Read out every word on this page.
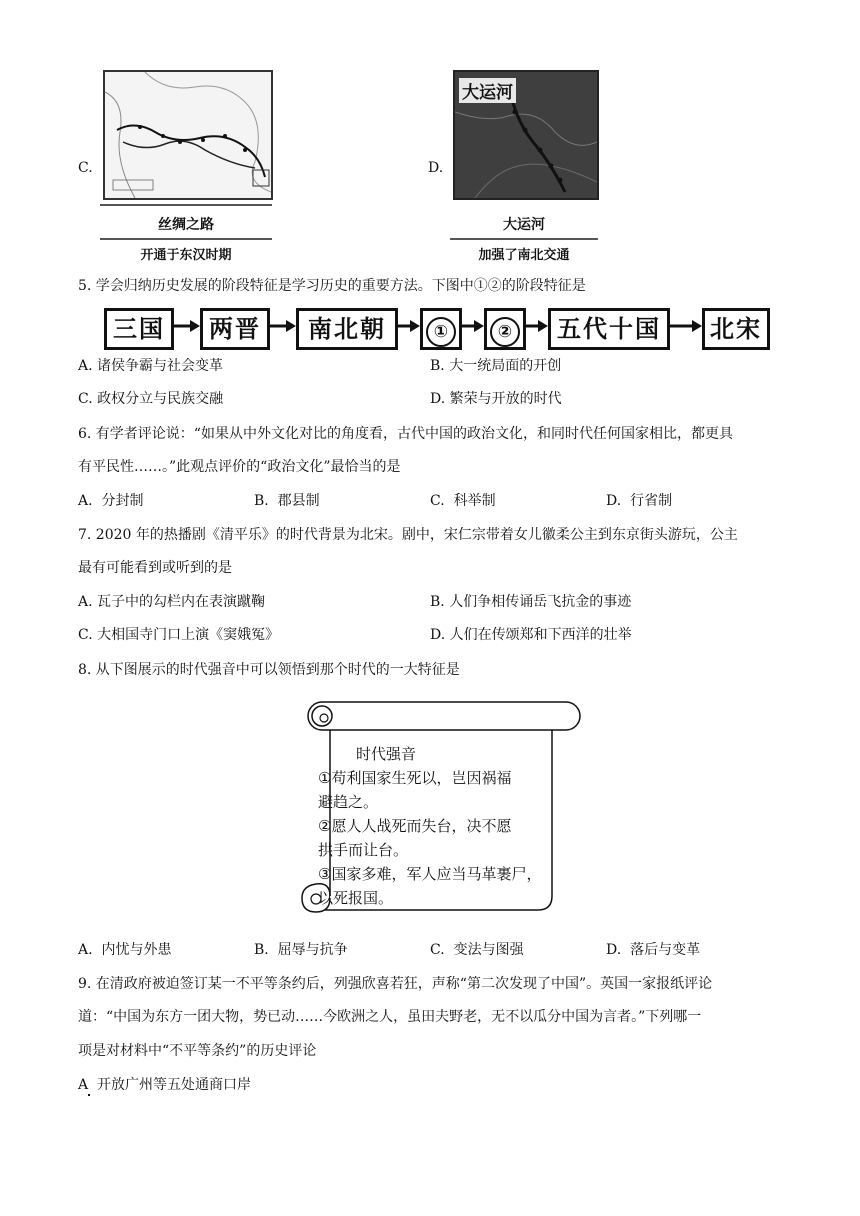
C.
丝绸之路
开通于东汉时期
D.
大运河
大运河
加强了南北交通
5. 学会归纳历史发展的阶段特征是学习历史的重要方法。下图中①②的阶段特征是
三国	两晋	南北朝	①	②	五代十国	北宋
A. 诸侯争霸与社会变革	B. 大一统局面的开创
C. 政权分立与民族交融	D. 繁荣与开放的时代
6. 有学者评论说：“如果从中外文化对比的角度看，古代中国的政治文化，和同时代任何国家相比，都更具
有平民性……。”此观点评价的“政治文化”最恰当的是
A. 分封制	B. 郡县制	C. 科举制	D. 行省制
7. 2020 年的热播剧《清平乐》的时代背景为北宋。剧中，宋仁宗带着女儿徽柔公主到东京街头游玩，公主
最有可能看到或听到的是
A. 瓦子中的勾栏内在表演蹴鞠	B. 人们争相传诵岳飞抗金的事迹
C. 大相国寺门口上演《窦娥冤》	D. 人们在传颂郑和下西洋的壮举
8. 从下图展示的时代强音中可以领悟到那个时代的一大特征是
时代强音
①苟利国家生死以，岂因祸福
避趋之。
②愿人人战死而失台，决不愿
拱手而让台。
③国家多难，军人应当马革裹尸，
以死报国。
A. 内忧与外患	B. 屈辱与抗争	C. 变法与图强	D. 落后与变革
9. 在清政府被迫签订某一不平等条约后，列强欣喜若狂，声称“第二次发现了中国”。英国一家报纸评论
道：“中国为东方一团大物，势已动……今欧洲之人，虽田夫野老，无不以瓜分中国为言者。”下列哪一
项是对材料中“不平等条约”的历史评论
A 开放广州等五处通商口岸
